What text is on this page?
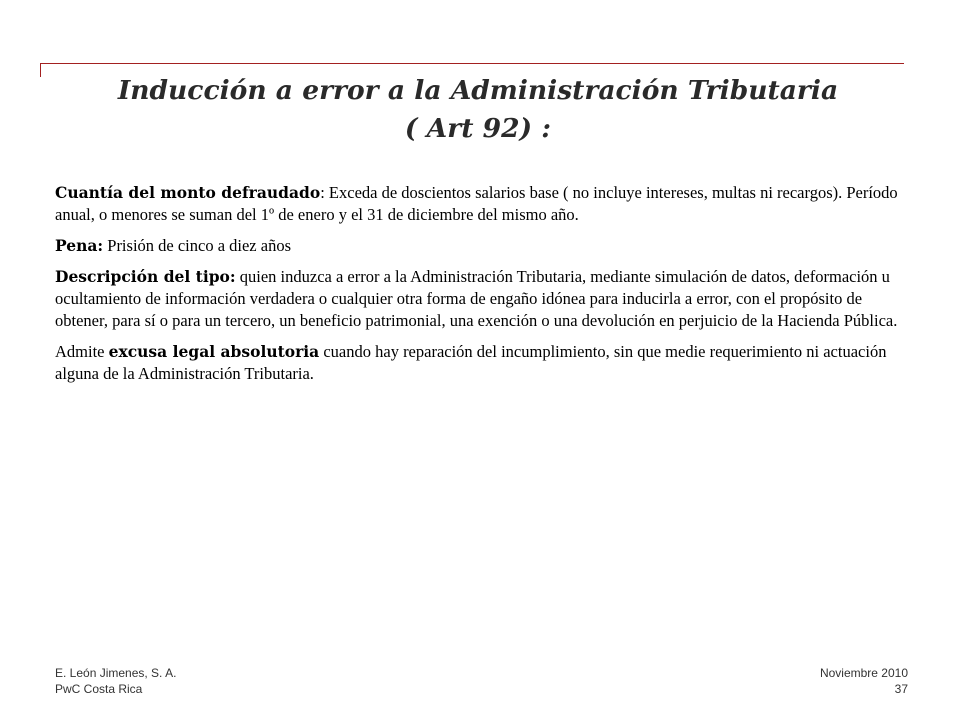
Inducción a error a la Administración Tributaria
( Art 92) :

Cuantía del monto defraudado: Exceda de doscientos salarios base ( no incluye intereses, multas ni recargos). Período anual, o menores se suman del 1º de enero y el 31 de diciembre del mismo año.

Pena: Prisión de cinco a diez años

Descripción del tipo: quien induzca a error a la Administración Tributaria, mediante simulación de datos, deformación u ocultamiento de información verdadera o cualquier otra forma de engaño idónea para inducirla a error, con el propósito de obtener, para sí o para un tercero, un beneficio patrimonial, una exención o una devolución en perjuicio de la Hacienda Pública.

Admite excusa legal absolutoria cuando hay reparación del incumplimiento, sin que medie requerimiento ni actuación alguna de la Administración Tributaria.

E. León Jimenes, S. A.
PwC Costa Rica
Noviembre 2010
37
